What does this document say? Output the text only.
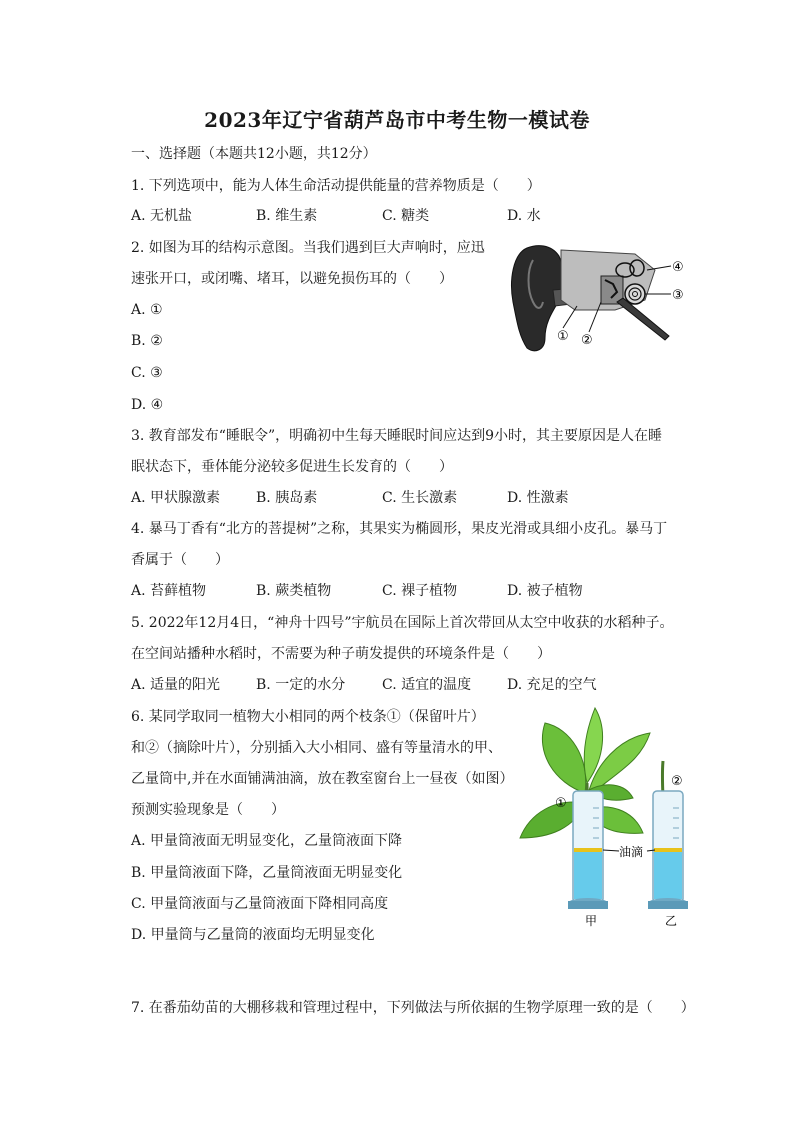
2023年辽宁省葫芦岛市中考生物一模试卷
一、选择题（本题共12小题，共12分）
1. 下列选项中，能为人体生命活动提供能量的营养物质是（　　）
A. 无机盐	B. 维生素	C. 糖类	D. 水
2. 如图为耳的结构示意图。当我们遇到巨大声响时，应迅
速张开口，或闭嘴、堵耳，以避免损伤耳的（　　）
A. ①
B. ②
C. ③
D. ④
④
③
① ②
3. 教育部发布“睡眠令”，明确初中生每天睡眠时间应达到9小时，其主要原因是人在睡
眠状态下，垂体能分泌较多促进生长发育的（　　）
A. 甲状腺激素	B. 胰岛素	C. 生长激素	D. 性激素
4. 暴马丁香有“北方的菩提树”之称，其果实为椭圆形，果皮光滑或具细小皮孔。暴马丁
香属于（　　）
A. 苔藓植物	B. 蕨类植物	C. 裸子植物	D. 被子植物
5. 2022年12月4日，“神舟十四号”宇航员在国际上首次带回从太空中收获的水稻种子。
在空间站播种水稻时，不需要为种子萌发提供的环境条件是（　　）
A. 适量的阳光	B. 一定的水分	C. 适宜的温度	D. 充足的空气
6. 某同学取同一植物大小相同的两个枝条①（保留叶片）
和②（摘除叶片），分别插入大小相同、盛有等量清水的甲、
乙量筒中,并在水面铺满油滴，放在教室窗台上一昼夜（如图）
预测实验现象是（　　）
A. 甲量筒液面无明显变化，乙量筒液面下降
B. 甲量筒液面下降，乙量筒液面无明显变化
C. 甲量筒液面与乙量筒液面下降相同高度
D. 甲量筒与乙量筒的液面均无明显变化
①
②
油滴
甲	乙
7. 在番茄幼苗的大棚移栽和管理过程中，下列做法与所依据的生物学原理一致的是（　　）
